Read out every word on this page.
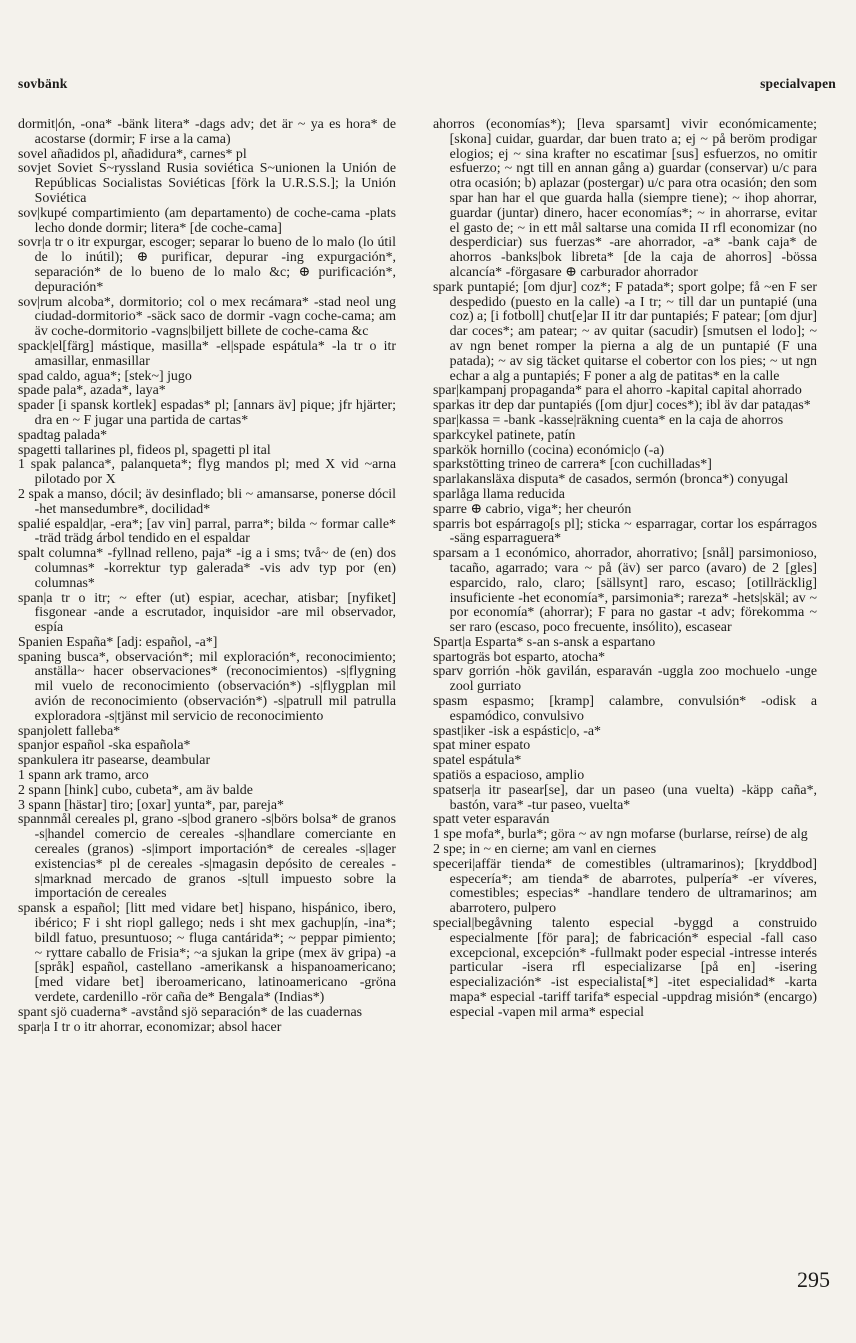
sovbänk	specialvapen

dormit|ón, -ona* -bänk litera* -dags adv; det är ~ ya es hora* de acostarse (dormir; F irse a la cama)

sovel añadidos pl, añadidura*, carnes* pl

sovjet Soviet S~ryssland Rusia soviética S~unionen la Unión de Repúblicas Socialistas Soviéticas [förk la U.R.S.S.]; la Unión Soviética

sov|kupé compartimiento (am departamento) de coche-cama -plats lecho donde dormir; litera* [de coche-cama]

sovr|a tr o itr expurgar, escoger; separar lo bueno de lo malo (lo útil de lo inútil); ⊕ purificar, depurar -ing expurgación*, separación* de lo bueno de lo malo &c; ⊕ purificación*, depuración*

sov|rum alcoba*, dormitorio; col o mex recámara* -stad neol ung ciudad-dormitorio* -säck saco de dormir -vagn coche-cama; am äv coche-dormitorio -vagns|biljett billete de coche-cama &c

spack|el[färg] mástique, masilla* -el|spade espátula* -la tr o itr amasillar, enmasillar

spad caldo, agua*; [stek~] jugo

spade pala*, azada*, laya*

spader [i spansk kortlek] espadas* pl; [annars äv] pique; jfr hjärter; dra en ~ F jugar una partida de cartas*

spadtag palada*

spagetti tallarines pl, fideos pl, spagetti pl ital

1 spak palanca*, palanqueta*; flyg mandos pl; med X vid ~arna pilotado por X

2 spak a manso, dócil; äv desinflado; bli ~ amansarse, ponerse dócil -het mansedumbre*, docilidad*

spalié espald|ar, -era*; [av vin] parral, parra*; bilda ~ formar calle* -träd trädg árbol tendido en el espaldar

spalt columna* -fyllnad relleno, paja* -ig a i sms; två~ de (en) dos columnas* -korrektur typ galerada* -vis adv typ por (en) columnas*

span|a tr o itr; ~ efter (ut) espiar, acechar, atisbar; [nyfiket] fisgonear -ande a escrutador, inquisidor -are mil observador, espía

Spanien España* [adj: español, -a*]

spaning busca*, observación*; mil exploración*, reconocimiento; anställa~ hacer observaciones* (reconocimientos) -s|flygning mil vuelo de reconocimiento (observación*) -s|flygplan mil avión de reconocimiento (observación*) -s|patrull mil patrulla exploradora -s|tjänst mil servicio de reconocimiento

spanjolett falleba*

spanjor español -ska española*

spankulera itr pasearse, deambular

1 spann ark tramo, arco

2 spann [hink] cubo, cubeta*, am äv balde

3 spann [hästar] tiro; [oxar] yunta*, par, pareja*

spannmål cereales pl, grano -s|bod granero -s|börs bolsa* de granos -s|handel comercio de cereales -s|handlare comerciante en cereales (granos) -s|import importación* de cereales -s|lager existencias* pl de cereales -s|magasin depósito de cereales -s|marknad mercado de granos -s|tull impuesto sobre la importación de cereales

spansk a español; [litt med vidare bet] hispano, hispánico, ibero, ibérico; F i sht riopl gallego; neds i sht mex gachup|ín, -ina*; bildl fatuo, presuntuoso; ~ fluga cantárida*; ~ peppar pimiento; ~ ryttare caballo de Frisia*; ~a sjukan la gripe (mex äv gripa) -a [språk] español, castellano -amerikansk a hispanoamericano; [med vidare bet] iberoamericano, latinoamericano -gröna verdete, cardenillo -rör caña de* Bengala* (Indias*)

spant sjö cuaderna* -avstånd sjö separación* de las cuadernas

spar|a I tr o itr ahorrar, economizar; absol hacer

ahorros (economías*); [leva sparsamt] vivir económicamente; [skona] cuidar, guardar, dar buen trato a; ej ~ på beröm prodigar elogios; ej ~ sina krafter no escatimar [sus] esfuerzos, no omitir esfuerzo; ~ ngt till en annan gång a) guardar (conservar) u/c para otra ocasión; b) aplazar (postergar) u/c para otra ocasión; den som spar han har el que guarda halla (siempre tiene); ~ ihop ahorrar, guardar (juntar) dinero, hacer economías*; ~ in ahorrarse, evitar el gasto de; ~ in ett mål saltarse una comida II rfl economizar (no desperdiciar) sus fuerzas* -are ahorrador, -a* -bank caja* de ahorros -banks|bok libreta* [de la caja de ahorros] -bössa alcancía* -förgasare ⊕ carburador ahorrador

spark puntapié; [om djur] coz*; F patada*; sport golpe; få ~en F ser despedido (puesto en la calle) -a I tr; ~ till dar un puntapié (una coz) a; [i fotboll] chut[e]ar II itr dar puntapiés; F patear; [om djur] dar coces*; am patear; ~ av quitar (sacudir) [smutsen el lodo]; ~ av ngn benet romper la pierna a alg de un puntapié (F una patada); ~ av sig täcket quitarse el cobertor con los pies; ~ ut ngn echar a alg a puntapiés; F poner a alg de patitas* en la calle

spar|kampanj propaganda* para el ahorro -kapital capital ahorrado

sparkas itr dep dar puntapiés ([om djur] coces*); ibl äv dar pataдas*

spar|kassa = -bank -kasse|räkning cuenta* en la caja de ahorros

sparkcykel patinete, patín

sparkök hornillo (cocina) económic|o (-a)

sparkstötting trineo de carrera* [con cuchilladas*]

sparlakansläxa disputa* de casados, sermón (bronca*) conyugal

sparlåga llama reducida

sparre ⊕ cabrio, viga*; her cheurón

sparris bot espárrago[s pl]; sticka ~ esparragar, cortar los espárragos -säng esparraguera*

sparsam a 1 económico, ahorrador, ahorrativo; [snål] parsimonioso, tacaño, agarrado; vara ~ på (äv) ser parco (avaro) de 2 [gles] esparcido, ralo, claro; [sällsynt] raro, escaso; [otillräcklig] insuficiente -het economía*, parsimonia*; rareza* -hets|skäl; av ~ por economía* (ahorrar); F para no gastar -t adv; förekomma ~ ser raro (escaso, poco frecuente, insólito), escasear

Spart|a Esparta* s-an s-ansk a espartano

spartogräs bot esparto, atocha*

sparv gorrión -hök gavilán, esparaván -uggla zoo mochuelo -unge zool gurriato

spasm espasmo; [kramp] calambre, convulsión* -odisk a espamódico, convulsivo

spast|iker -isk a espástic|o, -a*

spat miner espato

spatel espátula*

spatiös a espacioso, amplio

spatser|a itr pasear[se], dar un paseo (una vuelta) -käpp caña*, bastón, vara* -tur paseo, vuelta*

spatt veter esparaván

1 spe mofa*, burla*; göra ~ av ngn mofarse (burlarse, reírse) de alg

2 spe; in ~ en cierne; am vanl en ciernes

speceri|affär tienda* de comestibles (ultramarinos); [kryddbod] especería*; am tienda* de abarrotes, pulpería* -er víveres, comestibles; especias* -handlare tendero de ultramarinos; am abarrotero, pulpero

special|begåvning talento especial -byggd a construido especialmente [för para]; de fabricación* especial -fall caso excepcional, excepción* -fullmakt poder especial -intresse interés particular -isera rfl especializarse [på en] -isering especialización* -ist especialista[*] -itet especialidad* -karta mapa* especial -tariff tarifa* especial -uppdrag misión* (encargo) especial -vapen mil arma* especial

295
